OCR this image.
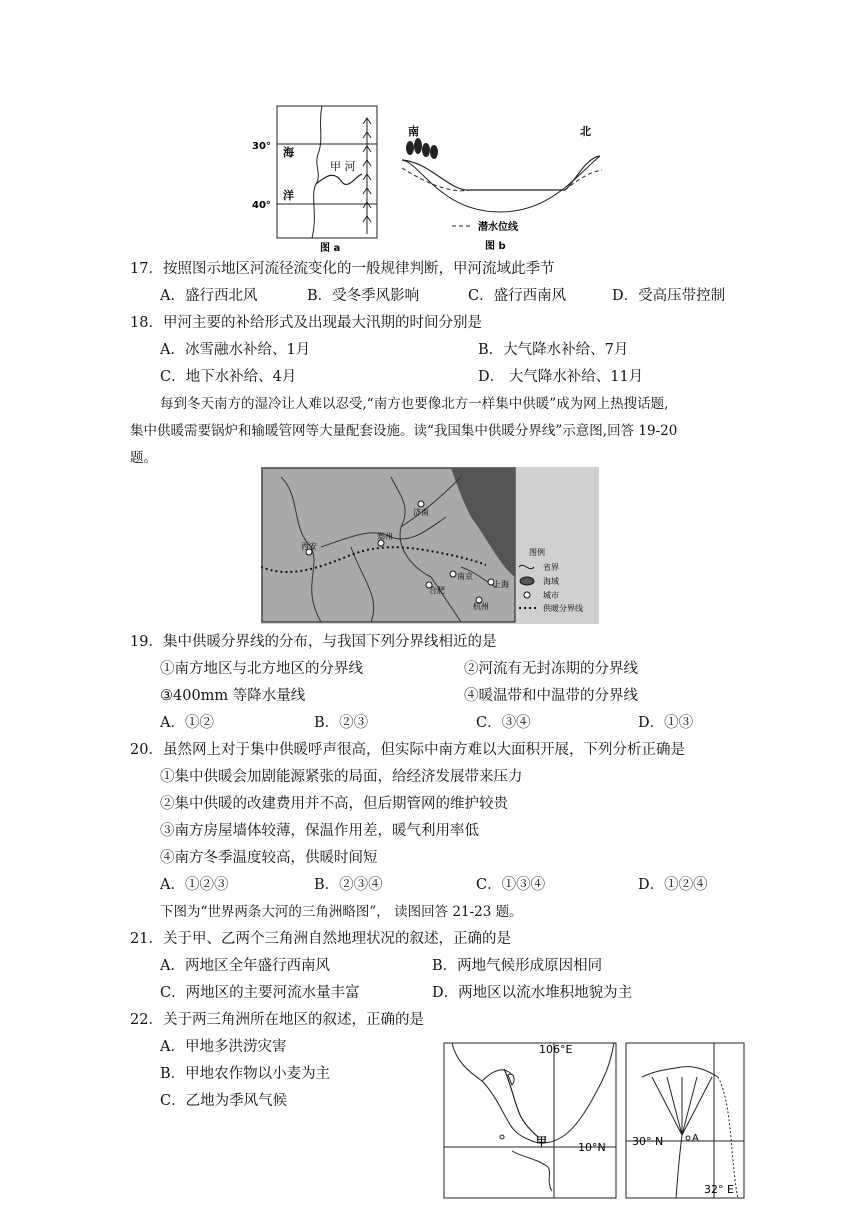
30°
40°
海
洋
甲 河
图 a
南	北
潜水位线
图 b
17．按照图示地区河流径流变化的一般规律判断，甲河流域此季节
A．盛行西北风	B．受冬季风影响	C．盛行西南风	D．受高压带控制
18．甲河主要的补给形式及出现最大汛期的时间分别是
A．冰雪融水补给、1月	B．大气降水补给、7月
C．地下水补给、4月	D． 大气降水补给、11月
每到冬天南方的湿冷让人难以忍受,“南方也要像北方一样集中供暖”成为网上热搜话题,
集中供暖需要锅炉和输暖管网等大量配套设施。读“我国集中供暖分界线”示意图,回答 19-20
题。
济南
郑州
西安
南京
合肥
上海
杭州
图例
省界
海域
城市
供暖分界线
19．集中供暖分界线的分布，与我国下列分界线相近的是
①南方地区与北方地区的分界线	②河流有无封冻期的分界线
③400mm 等降水量线	④暖温带和中温带的分界线
A．①②	B．②③	C．③④	D．①③
20．虽然网上对于集中供暖呼声很高，但实际中南方难以大面积开展，下列分析正确是
①集中供暖会加剧能源紧张的局面，给经济发展带来压力
②集中供暖的改建费用并不高，但后期管网的维护较贵
③南方房屋墙体较薄，保温作用差，暖气利用率低
④南方冬季温度较高，供暖时间短
A．①②③	B．②③④	C．①③④	D．①②④
下图为“世界两条大河的三角洲略图”， 读图回答 21-23 题。
21．关于甲、乙两个三角洲自然地理状况的叙述，正确的是
A．两地区全年盛行西南风	B．两地气候形成原因相同
C．两地区的主要河流水量丰富	D．两地区以流水堆积地貌为主
22．关于两三角洲所在地区的叙述，正确的是
A．甲地多洪涝灾害
B．甲地农作物以小麦为主
C．乙地为季风气候
106°E
甲	10°N 30° N	A
32° E
